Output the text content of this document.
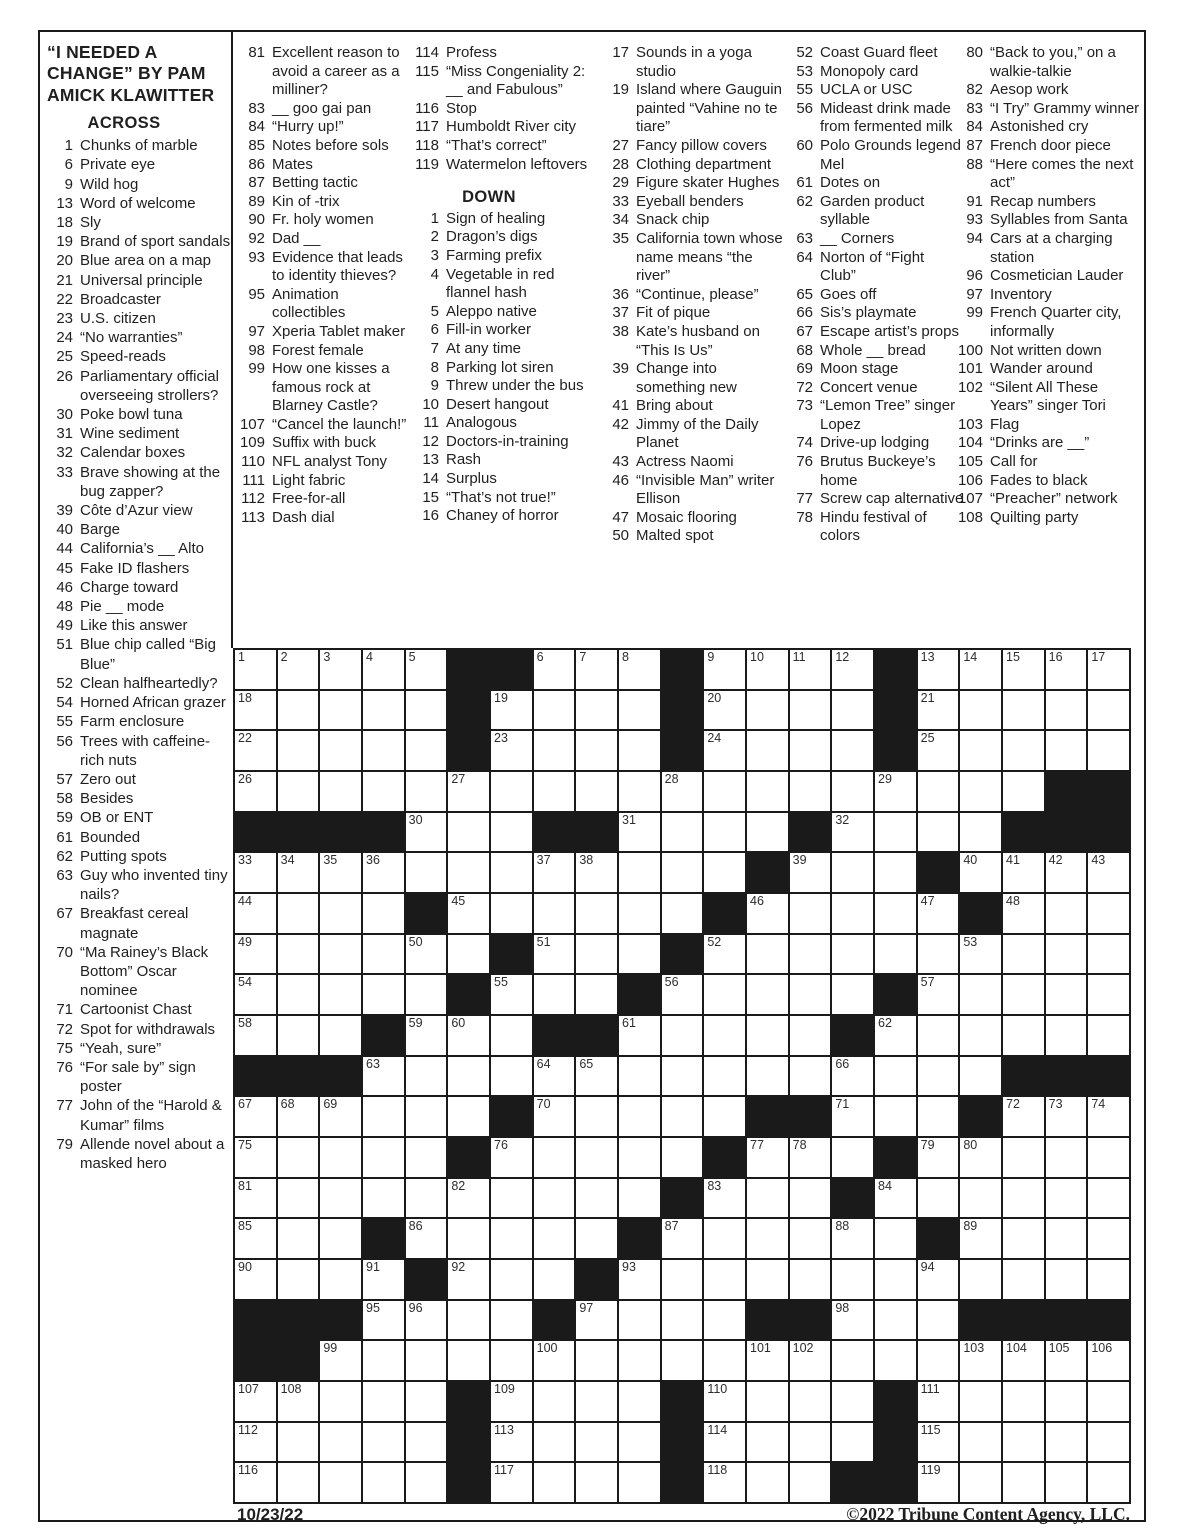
“I NEEDED A CHANGE” BY PAM AMICK KLAWITTER
ACROSS
1 Chunks of marble
6 Private eye
9 Wild hog
13 Word of welcome
18 Sly
19 Brand of sport sandals
20 Blue area on a map
21 Universal principle
22 Broadcaster
23 U.S. citizen
24 “No warranties”
25 Speed-reads
26 Parliamentary official overseeing strollers?
30 Poke bowl tuna
31 Wine sediment
32 Calendar boxes
33 Brave showing at the bug zapper?
39 Côte d’Azur view
40 Barge
44 California’s __ Alto
45 Fake ID flashers
46 Charge toward
48 Pie __ mode
49 Like this answer
51 Blue chip called “Big Blue”
52 Clean halfheartedly?
54 Horned African grazer
55 Farm enclosure
56 Trees with caffeine-rich nuts
57 Zero out
58 Besides
59 OB or ENT
61 Bounded
62 Putting spots
63 Guy who invented tiny nails?
67 Breakfast cereal magnate
70 “Ma Rainey’s Black Bottom” Oscar nominee
71 Cartoonist Chast
72 Spot for withdrawals
75 “Yeah, sure”
76 “For sale by” sign poster
77 John of the “Harold & Kumar” films
79 Allende novel about a masked hero
81 Excellent reason to avoid a career as a milliner?
83 __ goo gai pan
84 “Hurry up!”
85 Notes before sols
86 Mates
87 Betting tactic
89 Kin of -trix
90 Fr. holy women
92 Dad __
93 Evidence that leads to identity thieves?
95 Animation collectibles
97 Xperia Tablet maker
98 Forest female
99 How one kisses a famous rock at Blarney Castle?
107 “Cancel the launch!”
109 Suffix with buck
110 NFL analyst Tony
111 Light fabric
112 Free-for-all
113 Dash dial
114 Profess
115 “Miss Congeniality 2: __ and Fabulous”
116 Stop
117 Humboldt River city
118 “That’s correct”
119 Watermelon leftovers
DOWN
1 Sign of healing
2 Dragon’s digs
3 Farming prefix
4 Vegetable in red flannel hash
5 Aleppo native
6 Fill-in worker
7 At any time
8 Parking lot siren
9 Threw under the bus
10 Desert hangout
11 Analogous
12 Doctors-in-training
13 Rash
14 Surplus
15 “That’s not true!”
16 Chaney of horror
17 Sounds in a yoga studio
19 Island where Gauguin painted “Vahine no te tiare”
27 Fancy pillow covers
28 Clothing department
29 Figure skater Hughes
33 Eyeball benders
34 Snack chip
35 California town whose name means “the river”
36 “Continue, please”
37 Fit of pique
38 Kate’s husband on “This Is Us”
39 Change into something new
41 Bring about
42 Jimmy of the Daily Planet
43 Actress Naomi
46 “Invisible Man” writer Ellison
47 Mosaic flooring
50 Malted spot
52 Coast Guard fleet
53 Monopoly card
55 UCLA or USC
56 Mideast drink made from fermented milk
60 Polo Grounds legend Mel
61 Dotes on
62 Garden product syllable
63 __ Corners
64 Norton of “Fight Club”
65 Goes off
66 Sis’s playmate
67 Escape artist’s props
68 Whole __ bread
69 Moon stage
72 Concert venue
73 “Lemon Tree” singer Lopez
74 Drive-up lodging
76 Brutus Buckeye’s home
77 Screw cap alternative
78 Hindu festival of colors
80 “Back to you,” on a walkie-talkie
82 Aesop work
83 “I Try” Grammy winner
84 Astonished cry
87 French door piece
88 “Here comes the next act”
91 Recap numbers
93 Syllables from Santa
94 Cars at a charging station
96 Cosmetician Lauder
97 Inventory
99 French Quarter city, informally
100 Not written down
101 Wander around
102 “Silent All These Years” singer Tori
103 Flag
104 “Drinks are __”
105 Call for
106 Fades to black
107 “Preacher” network
108 Quilting party
1	2	3	4	5	6	7	8	9	10 11 12	13 14 15 16 17
18	19	20	21
22	23	24	25
26	27	28	29
30	31	32
33 34 35 36	37 38	39	40 41 42 43
44	45	46	47	48
49	50	51	52	53
54	55	56	57
58	59 60	61	62
63	64 65	66
67 68 69	70	71	72 73 74
75	76	77 78	79 80
81	82	83	84
85	86	87	88	89
90	91	92	93	94
95 96	97	98
99	100	101 102	103 104 105 106
107 108	109	110	111
112	113	114	115
116	117	118	119
10/23/22	©2022 Tribune Content Agency, LLC.
